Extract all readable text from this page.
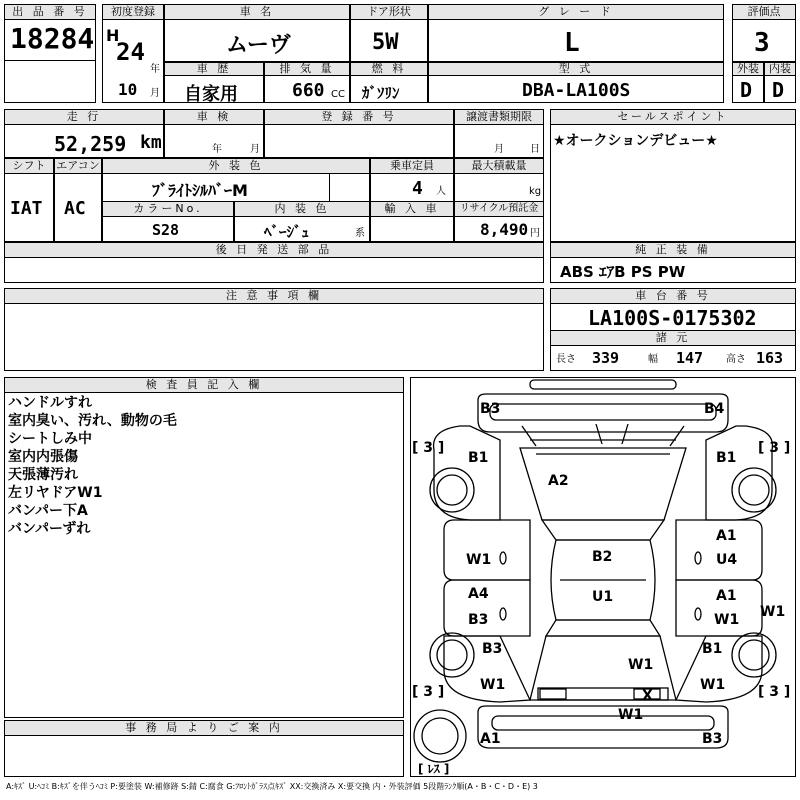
出 品 番 号
18284
初度登録
H
24
年
10 月
車 名
ムーヴ
ドア形状
5W
グ レ ー ド
L
評価点
3
車 歴
自家用
排 気 量
660 CC
燃 料
ｶﾞｿﾘﾝ
型 式
DBA-LA100S
外装 内装
D D
走 行
52,259 km
車 検
年	月
登 録 番 号	譲渡書類期限
月	日
セールスポイント
★オークションデビュー★
シフト エアコン
IAT AC
外 装 色
ﾌﾞﾗｲﾄｼﾙﾊﾞｰM
乗車定員
4 人
最大積載量
kg
カラーNo.
S28
内 装 色
ﾍﾞｰｼﾞｭ	系
輸 入 車	リサイクル預託金
8,490 円
後 日 発 送 部 品	純 正 装 備
ABS ｴｱB PS PW
注 意 事 項 欄	車 台 番 号
LA100S-0175302
諸 元
長さ 339	幅 147 高さ 163
検 査 員 記 入 欄
ハンドルすれ
室内臭い、汚れ、動物の毛
シートしみ中
室内内張傷
天張薄汚れ
左リヤドアW1
バンパー下A
バンパーずれ
事 務 局 よ り ご 案 内
B3	B4
B1	B1
A2
A1
U4
W1	B2
U1
A4
B3
A1
W1 W1
B3	B1
W1
W1	W1
X
W1
A1	B3
[ 3 ]	[ 3 ]
[ 3 ]	[ 3 ]
[ ﾚｽ ]
A:ｷｽﾞ U:ﾍｺﾐ B:ｷｽﾞを伴うﾍｺﾐ P:要塗装 W:補修跡 S:錆 C:腐食 G:ﾌﾛﾝﾄｶﾞﾗｽ点ｷｽﾞ XX:交換済み X:要交換 内・外装評価 5段階ﾗﾝｸ順(A・B・C・D・E) 3
